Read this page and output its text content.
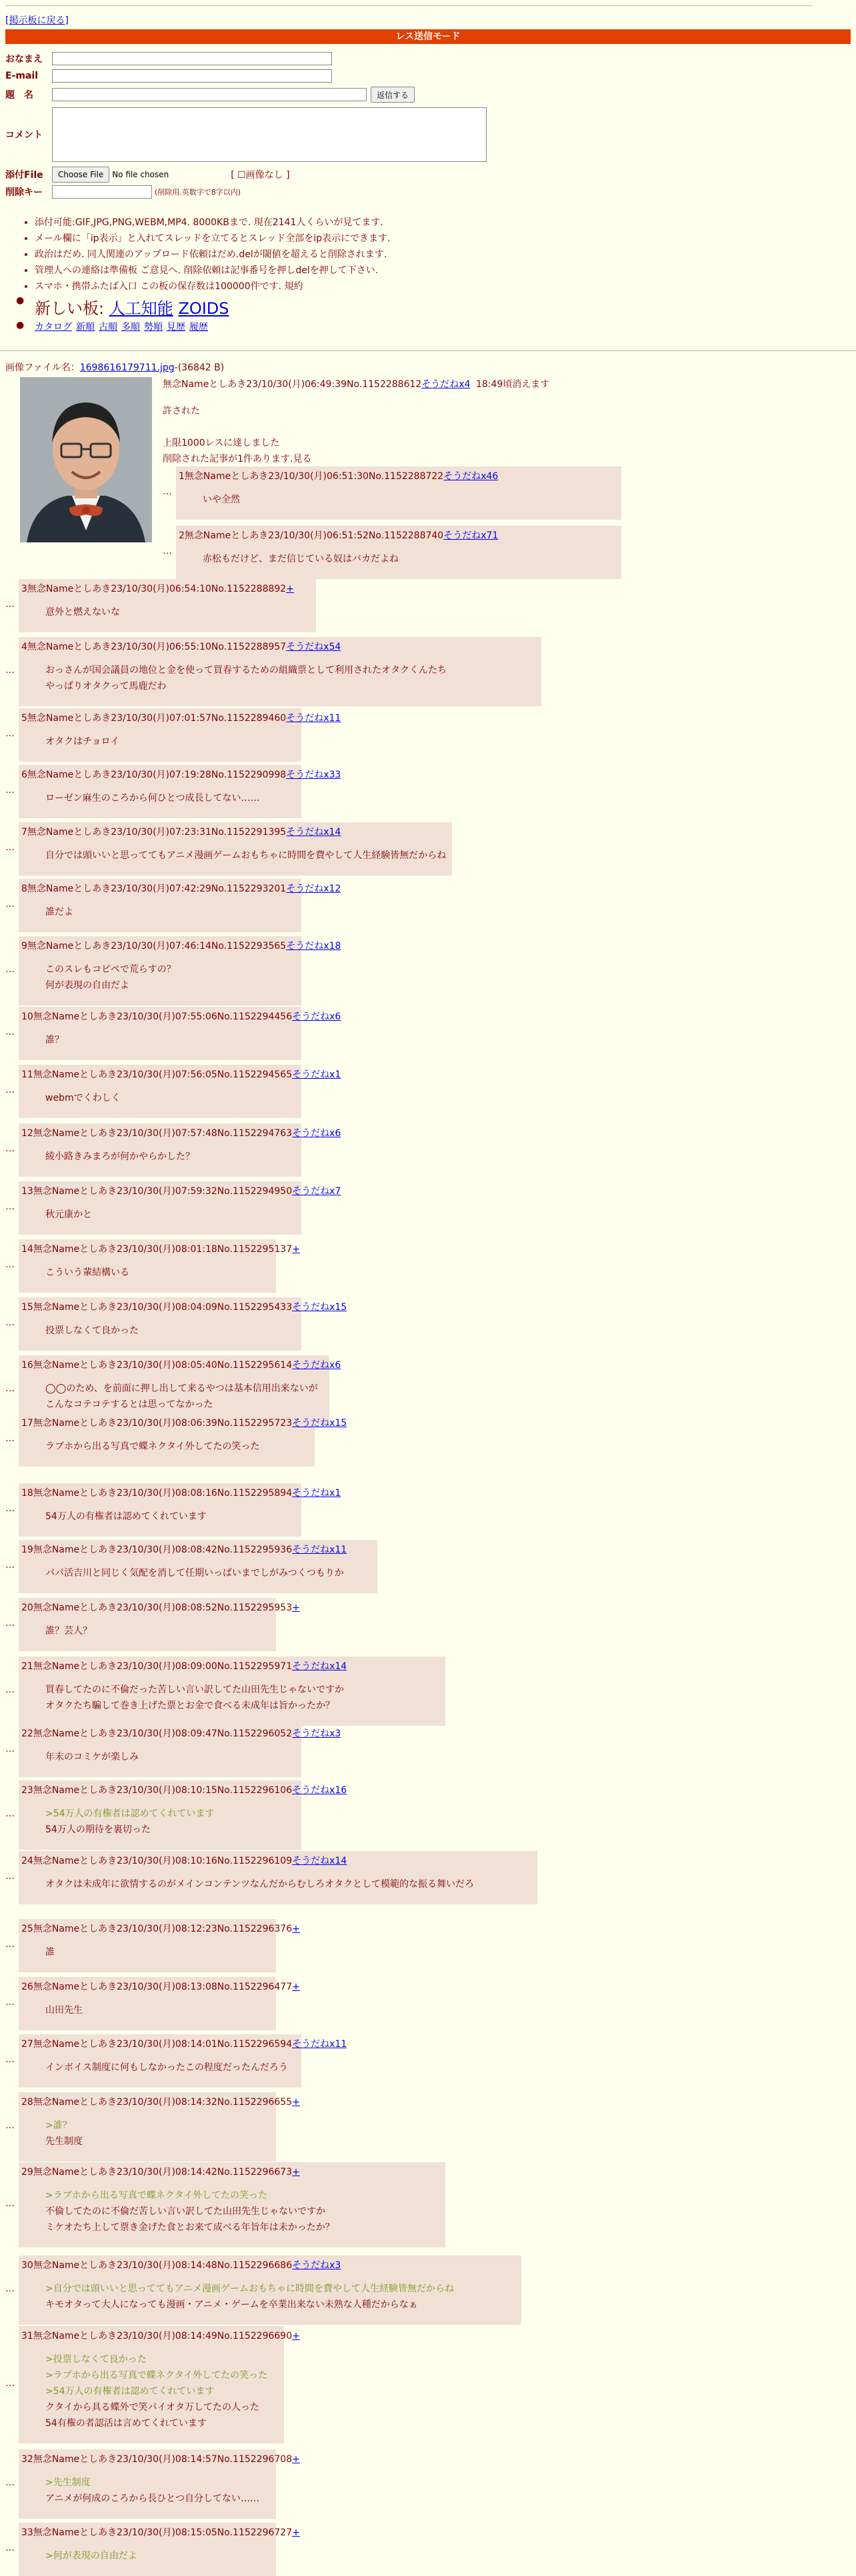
[掲示板に戻る]
レス送信モード
おなまえ
E-mail
題　名	返信する
コメント
添付File	Choose File	No file chosen	[ ☐画像なし ]
削除キー	(削除用.英数字で8字以内)
• 添付可能:GIF,JPG,PNG,WEBM,MP4. 8000KBまで. 現在2141人くらいが見てます.
• メール欄に「ip表示」と入れてスレッドを立てるとスレッド全部をip表示にできます.
• 政治はだめ. 同人関連のアップロード依頼はだめ.delが閾値を超えると削除されます.
• 管理人への連絡は準備板 ご意見へ. 削除依頼は記事番号を押しdelを押して下さい.
• スマホ・携帯ふたば入口 この板の保存数は100000件です. 規約
● 新しい板: 人工知能 ZOIDS
● カタログ 新順 古順 多順 勢順 見歴 履歴
画像ファイル名：1698616179711.jpg-(36842 B)
無念Nameとしあき23/10/30(月)06:49:39No.1152288612そうだねx4 18:49頃消えます
許された
上限1000レスに達しました
削除された記事が1件あります.見る
1無念Nameとしあき23/10/30(月)06:51:30No.1152288722そうだねx46
いや全然
…
2無念Nameとしあき23/10/30(月)06:51:52No.1152288740そうだねx71
赤松もだけど、まだ信じている奴はバカだよね
…
3無念Nameとしあき23/10/30(月)06:54:10No.1152288892+
意外と燃えないな
…
4無念Nameとしあき23/10/30(月)06:55:10No.1152288957そうだねx54
おっさんが国会議員の地位と金を使って買春するための組織票として利用されたオタクくんたち
やっぱりオタクって馬鹿だわ
…
5無念Nameとしあき23/10/30(月)07:01:57No.1152289460そうだねx11
オタクはチョロイ
…
6無念Nameとしあき23/10/30(月)07:19:28No.1152290998そうだねx33
ローゼン麻生のころから何ひとつ成長してない……
…
7無念Nameとしあき23/10/30(月)07:23:31No.1152291395そうだねx14
自分では頭いいと思っててもアニメ漫画ゲームおもちゃに時間を費やして人生経験皆無だからね
…
8無念Nameとしあき23/10/30(月)07:42:29No.1152293201そうだねx12
誰だよ
…
9無念Nameとしあき23/10/30(月)07:46:14No.1152293565そうだねx18
このスレもコピペで荒らすの？
何が表現の自由だよ
…
10無念Nameとしあき23/10/30(月)07:55:06No.1152294456そうだねx6
誰？
…
11無念Nameとしあき23/10/30(月)07:56:05No.1152294565そうだねx1
webmでくわしく
…
12無念Nameとしあき23/10/30(月)07:57:48No.1152294763そうだねx6
綾小路きみまろが何かやらかした？
…
13無念Nameとしあき23/10/30(月)07:59:32No.1152294950そうだねx7
秋元康かと
…
14無念Nameとしあき23/10/30(月)08:01:18No.1152295137+
こういう輩結構いる
…
15無念Nameとしあき23/10/30(月)08:04:09No.1152295433そうだねx15
投票しなくて良かった
…
16無念Nameとしあき23/10/30(月)08:05:40No.1152295614そうだねx6
◯◯のため、を前面に押し出して来るやつは基本信用出来ないが
こんなコテコテするとは思ってなかった
…
17無念Nameとしあき23/10/30(月)08:06:39No.1152295723そうだねx15
ラブホから出る写真で蝶ネクタイ外してたの笑った
…
18無念Nameとしあき23/10/30(月)08:08:16No.1152295894そうだねx1
54万人の有権者は認めてくれています
…
19無念Nameとしあき23/10/30(月)08:08:42No.1152295936そうだねx11
パパ活吉川と同じく気配を消して任期いっぱいまでしがみつくつもりか
…
20無念Nameとしあき23/10/30(月)08:08:52No.1152295953+
誰？芸人？
…
21無念Nameとしあき23/10/30(月)08:09:00No.1152295971そうだねx14
買春してたのに不倫だった苦しい言い訳してた山田先生じゃないですか
オタクたち騙して巻き上げた票とお金で食べる未成年は旨かったか？
…
22無念Nameとしあき23/10/30(月)08:09:47No.1152296052そうだねx3
年末のコミケが楽しみ
…
23無念Nameとしあき23/10/30(月)08:10:15No.1152296106そうだねx16
>54万人の有権者は認めてくれています
54万人の期待を裏切った
…
24無念Nameとしあき23/10/30(月)08:10:16No.1152296109そうだねx14
オタクは未成年に欲情するのがメインコンテンツなんだからむしろオタクとして模範的な振る舞いだろ
…
25無念Nameとしあき23/10/30(月)08:12:23No.1152296376+
誰
…
26無念Nameとしあき23/10/30(月)08:13:08No.1152296477+
山田先生
…
27無念Nameとしあき23/10/30(月)08:14:01No.1152296594そうだねx11
インボイス制度に何もしなかったこの程度だったんだろう
…
28無念Nameとしあき23/10/30(月)08:14:32No.1152296655+
>誰？
先生制度
…
29無念Nameとしあき23/10/30(月)08:14:42No.1152296673+
>ラブホから出る写真で蝶ネクタイ外してたの笑った
不倫してたのに不倫だ苦しい言い訳してた山田先生じゃないですか
ミケオたち上して票き金げた食とお来て成べる年旨年は未かったか？
…
30無念Nameとしあき23/10/30(月)08:14:48No.1152296686そうだねx3
>自分では頭いいと思っててもアニメ漫画ゲームおもちゃに時間を費やして人生経験皆無だからね
キモオタって大人になっても漫画・アニメ・ゲームを卒業出来ない未熟な人種だからなぁ
…
31無念Nameとしあき23/10/30(月)08:14:49No.1152296690+
>投票しなくて良かった
>ラブホから出る写真で蝶ネクタイ外してたの笑った
>54万人の有権者は認めてくれています
クタイから具る蝶外で笑パイオタ万してたの人った
54有権の者認活は言めてくれています
…
32無念Nameとしあき23/10/30(月)08:14:57No.1152296708+
>先生制度
アニメが何成のころから長ひとつ自分してない……
…
33無念Nameとしあき23/10/30(月)08:15:05No.1152296727+
>何が表現の自由だよ
…
